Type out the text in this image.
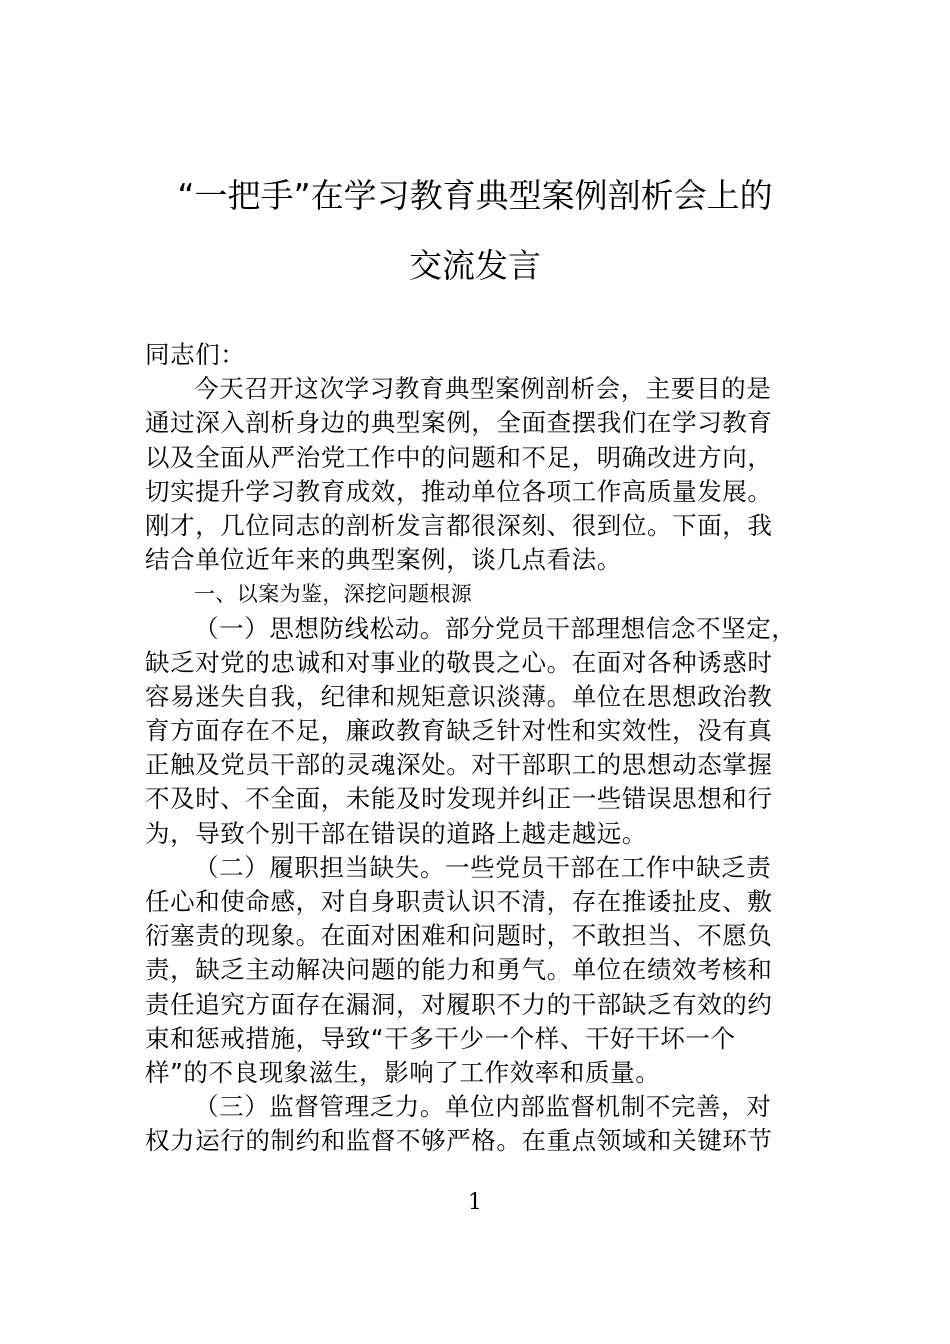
“一把手”在学习教育典型案例剖析会上的
交流发言
同志们：
今天召开这次学习教育典型案例剖析会，主要目的是
通过深入剖析身边的典型案例，全面查摆我们在学习教育
以及全面从严治党工作中的问题和不足，明确改进方向，
切实提升学习教育成效，推动单位各项工作高质量发展。
刚才，几位同志的剖析发言都很深刻、很到位。下面，我
结合单位近年来的典型案例，谈几点看法。
一、以案为鉴，深挖问题根源
（一）思想防线松动。部分党员干部理想信念不坚定，
缺乏对党的忠诚和对事业的敬畏之心。在面对各种诱惑时
容易迷失自我，纪律和规矩意识淡薄。单位在思想政治教
育方面存在不足，廉政教育缺乏针对性和实效性，没有真
正触及党员干部的灵魂深处。对干部职工的思想动态掌握
不及时、不全面，未能及时发现并纠正一些错误思想和行
为，导致个别干部在错误的道路上越走越远。
（二）履职担当缺失。一些党员干部在工作中缺乏责
任心和使命感，对自身职责认识不清，存在推诿扯皮、敷
衍塞责的现象。在面对困难和问题时，不敢担当、不愿负
责，缺乏主动解决问题的能力和勇气。单位在绩效考核和
责任追究方面存在漏洞，对履职不力的干部缺乏有效的约
束和惩戒措施，导致“干多干少一个样、干好干坏一个
样”的不良现象滋生，影响了工作效率和质量。
（三）监督管理乏力。单位内部监督机制不完善，对
权力运行的制约和监督不够严格。在重点领域和关键环节
1
